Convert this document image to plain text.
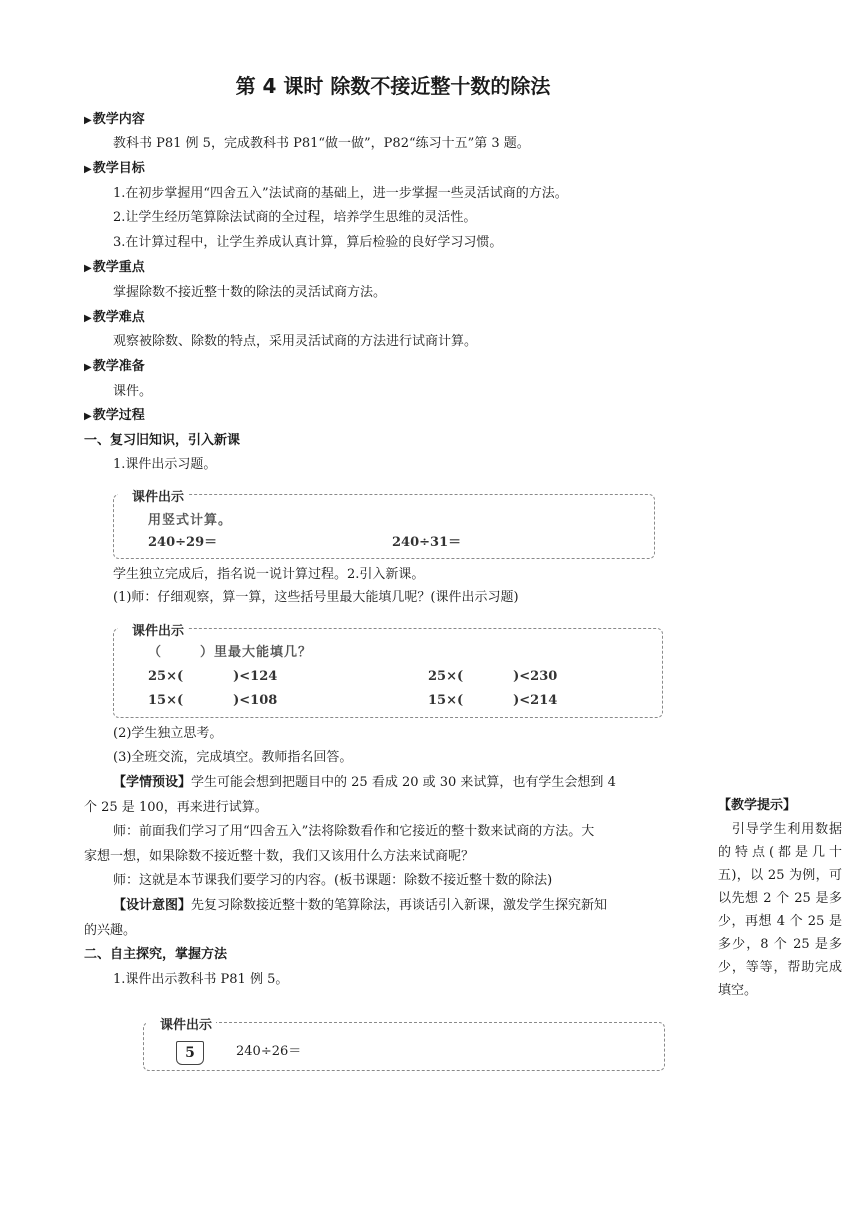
第 4 课时 除数不接近整十数的除法
▶教学内容
教科书 P81 例 5，完成教科书 P81“做一做”，P82“练习十五”第 3 题。
▶教学目标
1.在初步掌握用“四舍五入”法试商的基础上，进一步掌握一些灵活试商的方法。
2.让学生经历笔算除法试商的全过程，培养学生思维的灵活性。
3.在计算过程中，让学生养成认真计算，算后检验的良好学习习惯。
▶教学重点
掌握除数不接近整十数的除法的灵活试商方法。
▶教学难点
观察被除数、除数的特点，采用灵活试商的方法进行试商计算。
▶教学准备
课件。
▶教学过程
一、复习旧知识，引入新课
1.课件出示习题。
课件出示
用竖式计算。
240÷29＝	240÷31＝
学生独立完成后，指名说一说计算过程。2.引入新课。
(1)师：仔细观察，算一算，这些括号里最大能填几呢？(课件出示习题)
课件出示
（	）里最大能填几？
25×(	)<124	25×(	)<230
15×(	)<108	15×(	)<214
(2)学生独立思考。
(3)全班交流，完成填空。教师指名回答。
【学情预设】学生可能会想到把题目中的 25 看成 20 或 30 来试算，也有学生会想到 4
个 25 是 100，再来进行试算。
师：前面我们学习了用“四舍五入”法将除数看作和它接近的整十数来试商的方法。大
家想一想，如果除数不接近整十数，我们又该用什么方法来试商呢？
师：这就是本节课我们要学习的内容。(板书课题：除数不接近整十数的除法)
【设计意图】先复习除数接近整十数的笔算除法，再谈话引入新课，激发学生探究新知
的兴趣。
二、自主探究，掌握方法
1.课件出示教科书 P81 例 5。
课件出示
5	240÷26＝
【教学提示】
　引导学生利用数据的特点(都是几十五)，以 25 为例，可以先想 2 个 25 是多少，再想 4 个 25 是多少，8 个 25 是多少，等等，帮助完成填空。
